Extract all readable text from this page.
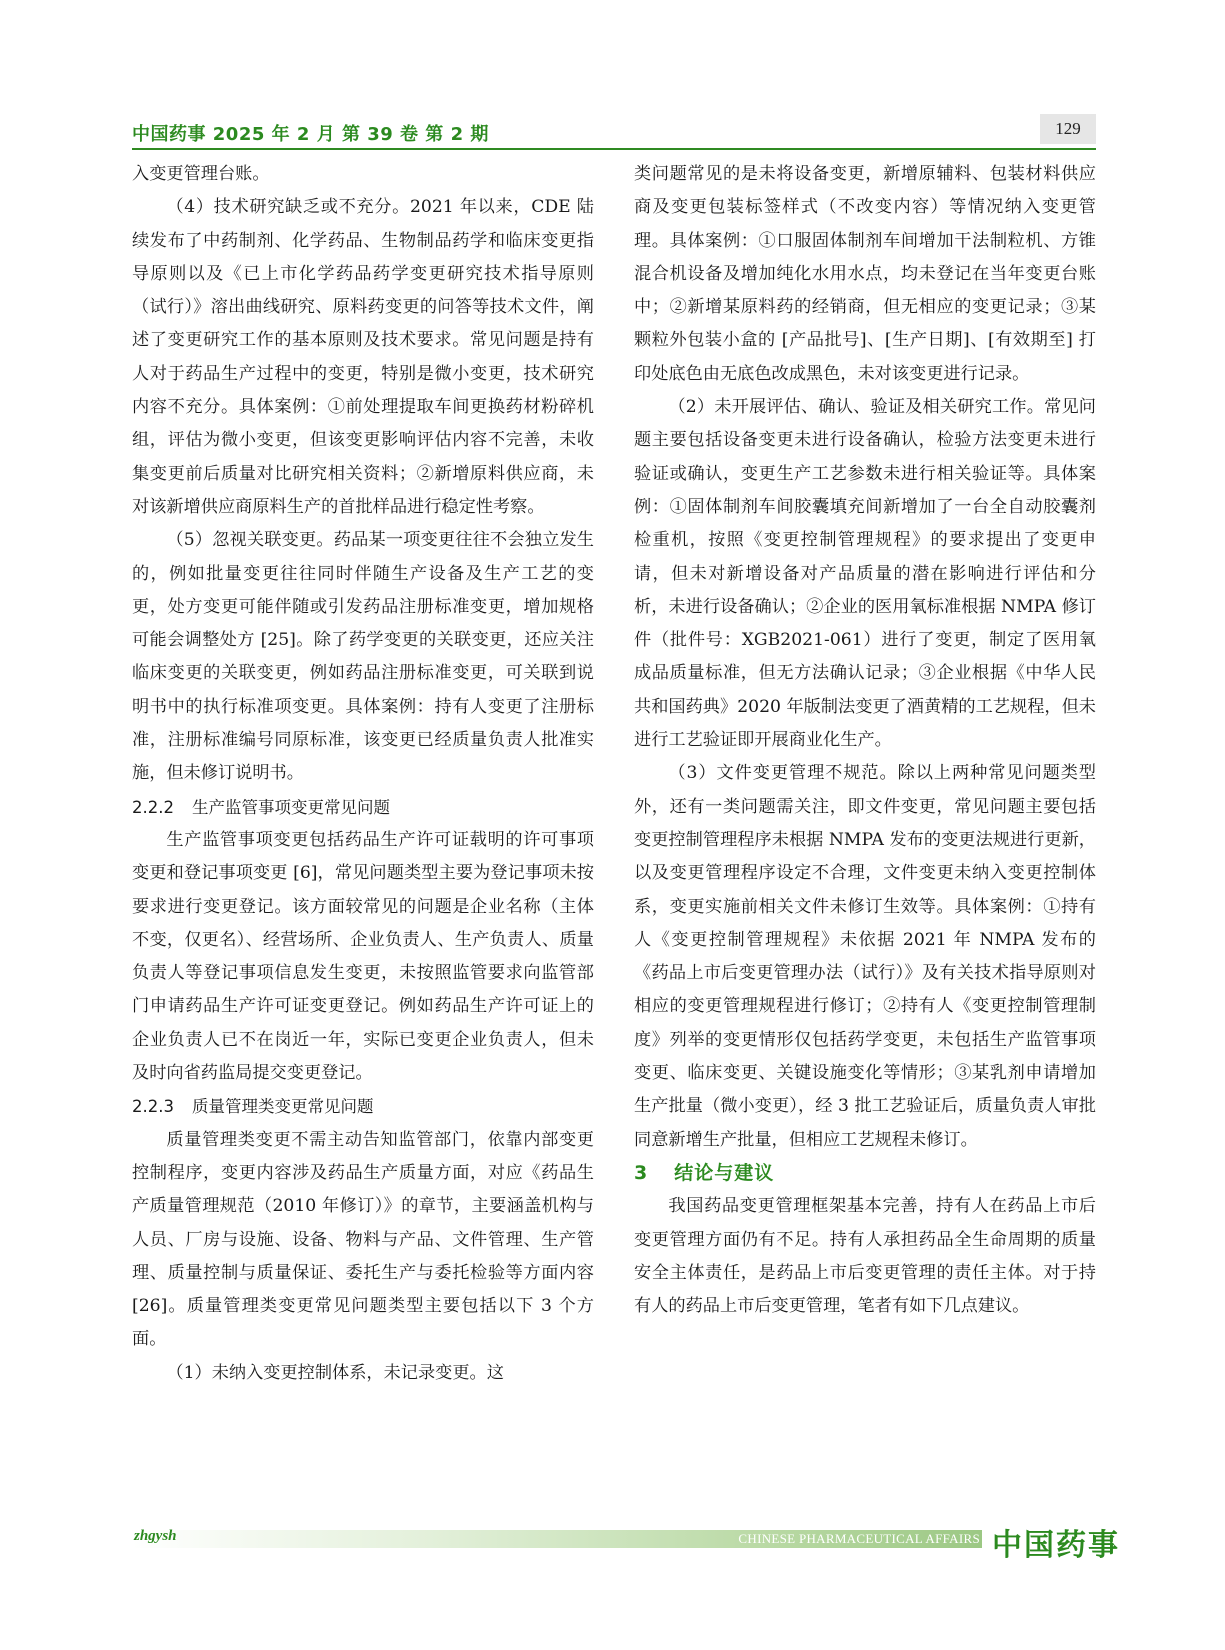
中国药事 2025 年 2 月 第 39 卷 第 2 期	129

入变更管理台账。

（4）技术研究缺乏或不充分。2021 年以来，CDE 陆续发布了中药制剂、化学药品、生物制品药学和临床变更指导原则以及《已上市化学药品药学变更研究技术指导原则（试行）》溶出曲线研究、原料药变更的问答等技术文件，阐述了变更研究工作的基本原则及技术要求。常见问题是持有人对于药品生产过程中的变更，特别是微小变更，技术研究内容不充分。具体案例：①前处理提取车间更换药材粉碎机组，评估为微小变更，但该变更影响评估内容不完善，未收集变更前后质量对比研究相关资料；②新增原料供应商，未对该新增供应商原料生产的首批样品进行稳定性考察。

（5）忽视关联变更。药品某一项变更往往不会独立发生的，例如批量变更往往同时伴随生产设备及生产工艺的变更，处方变更可能伴随或引发药品注册标准变更，增加规格可能会调整处方 [25]。除了药学变更的关联变更，还应关注临床变更的关联变更，例如药品注册标准变更，可关联到说明书中的执行标准项变更。具体案例：持有人变更了注册标准，注册标准编号同原标准，该变更已经质量负责人批准实施，但未修订说明书。

2.2.2 生产监管事项变更常见问题

生产监管事项变更包括药品生产许可证载明的许可事项变更和登记事项变更 [6]，常见问题类型主要为登记事项未按要求进行变更登记。该方面较常见的问题是企业名称（主体不变，仅更名）、经营场所、企业负责人、生产负责人、质量负责人等登记事项信息发生变更，未按照监管要求向监管部门申请药品生产许可证变更登记。例如药品生产许可证上的企业负责人已不在岗近一年，实际已变更企业负责人，但未及时向省药监局提交变更登记。

2.2.3 质量管理类变更常见问题

质量管理类变更不需主动告知监管部门，依靠内部变更控制程序，变更内容涉及药品生产质量方面，对应《药品生产质量管理规范（2010 年修订）》的章节，主要涵盖机构与人员、厂房与设施、设备、物料与产品、文件管理、生产管理、质量控制与质量保证、委托生产与委托检验等方面内容 [26]。质量管理类变更常见问题类型主要包括以下 3 个方面。

（1）未纳入变更控制体系，未记录变更。这

类问题常见的是未将设备变更，新增原辅料、包装材料供应商及变更包装标签样式（不改变内容）等情况纳入变更管理。具体案例：①口服固体制剂车间增加干法制粒机、方锥混合机设备及增加纯化水用水点，均未登记在当年变更台账中；②新增某原料药的经销商，但无相应的变更记录；③某颗粒外包装小盒的 [产品批号]、[生产日期]、[有效期至] 打印处底色由无底色改成黑色，未对该变更进行记录。

（2）未开展评估、确认、验证及相关研究工作。常见问题主要包括设备变更未进行设备确认，检验方法变更未进行验证或确认，变更生产工艺参数未进行相关验证等。具体案例：①固体制剂车间胶囊填充间新增加了一台全自动胶囊剂检重机，按照《变更控制管理规程》的要求提出了变更申请，但未对新增设备对产品质量的潜在影响进行评估和分析，未进行设备确认；②企业的医用氧标准根据 NMPA 修订件（批件号：XGB2021-061）进行了变更，制定了医用氧成品质量标准，但无方法确认记录；③企业根据《中华人民共和国药典》2020 年版制法变更了酒黄精的工艺规程，但未进行工艺验证即开展商业化生产。

（3）文件变更管理不规范。除以上两种常见问题类型外，还有一类问题需关注，即文件变更，常见问题主要包括变更控制管理程序未根据 NMPA 发布的变更法规进行更新，以及变更管理程序设定不合理，文件变更未纳入变更控制体系，变更实施前相关文件未修订生效等。具体案例：①持有人《变更控制管理规程》未依据 2021 年 NMPA 发布的《药品上市后变更管理办法（试行）》及有关技术指导原则对相应的变更管理规程进行修订；②持有人《变更控制管理制度》列举的变更情形仅包括药学变更，未包括生产监管事项变更、临床变更、关键设施变化等情形；③某乳剂申请增加生产批量（微小变更），经 3 批工艺验证后，质量负责人审批同意新增生产批量，但相应工艺规程未修订。

3 结论与建议

我国药品变更管理框架基本完善，持有人在药品上市后变更管理方面仍有不足。持有人承担药品全生命周期的质量安全主体责任，是药品上市后变更管理的责任主体。对于持有人的药品上市后变更管理，笔者有如下几点建议。

zhgysh	CHINESE PHARMACEUTICAL AFFAIRS 中国药事
